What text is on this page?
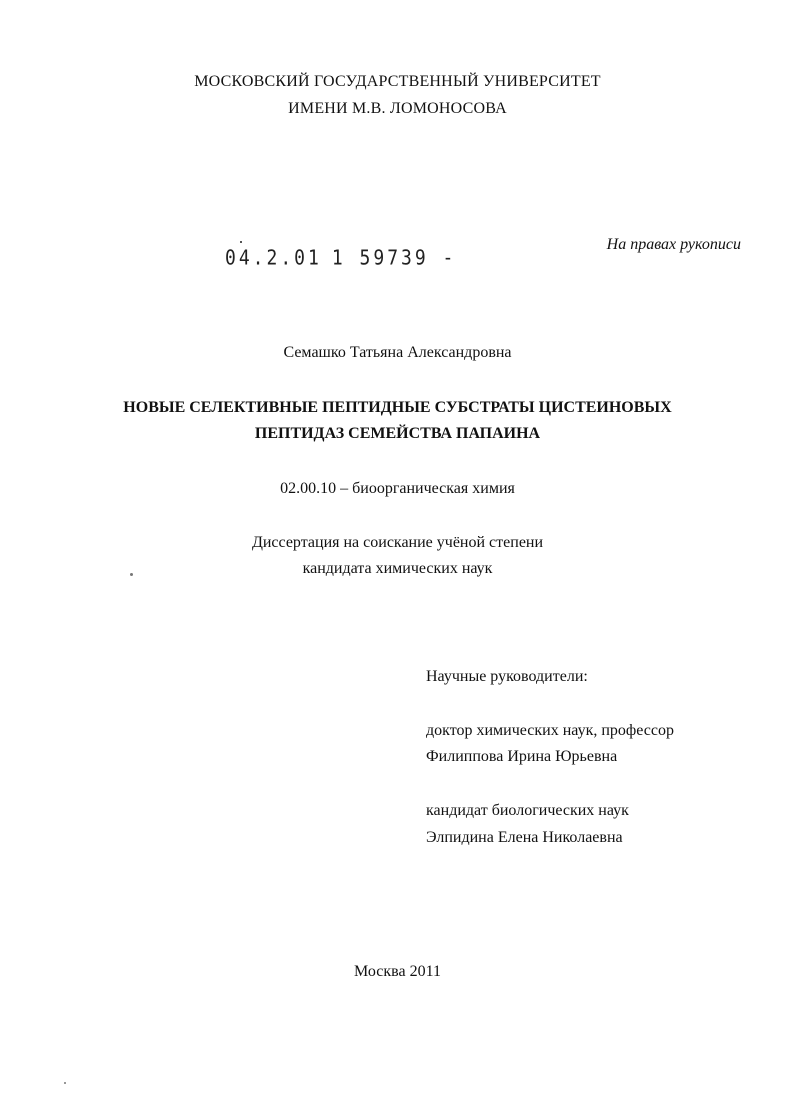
МОСКОВСКИЙ ГОСУДАРСТВЕННЫЙ УНИВЕРСИТЕТ
ИМЕНИ М.В. ЛОМОНОСОВА
04.2.01 1 59739 -
На правах рукописи
Семашко Татьяна Александровна
НОВЫЕ СЕЛЕКТИВНЫЕ ПЕПТИДНЫЕ СУБСТРАТЫ ЦИСТЕИНОВЫХ
ПЕПТИДАЗ СЕМЕЙСТВА ПАПАИНА
02.00.10 – биоорганическая химия
Диссертация на соискание учёной степени
кандидата химических наук
Научные руководители:
доктор химических наук, профессор
Филиппова Ирина Юрьевна
кандидат биологических наук
Элпидина Елена Николаевна
Москва 2011
